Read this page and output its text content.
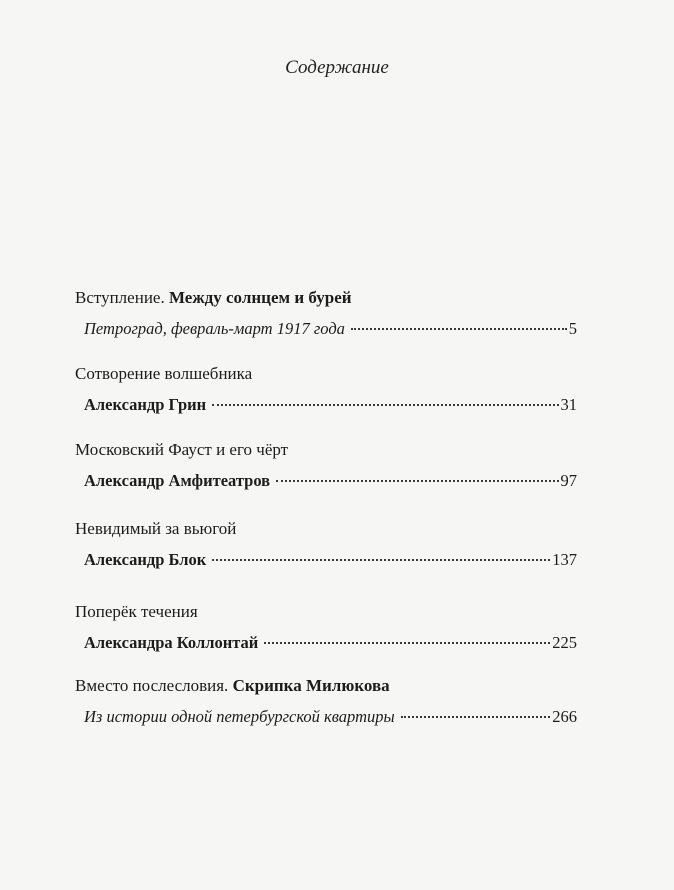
Содержание
Вступление. Между солнцем и бурей
Петроград, февраль-март 1917 года	5
Сотворение волшебника
Александр Грин	31
Московский Фауст и его чёрт
Александр Амфитеатров	97
Невидимый за вьюгой
Александр Блок	137
Поперёк течения
Александра Коллонтай	225
Вместо послесловия. Скрипка Милюкова
Из истории одной петербургской квартиры	266
